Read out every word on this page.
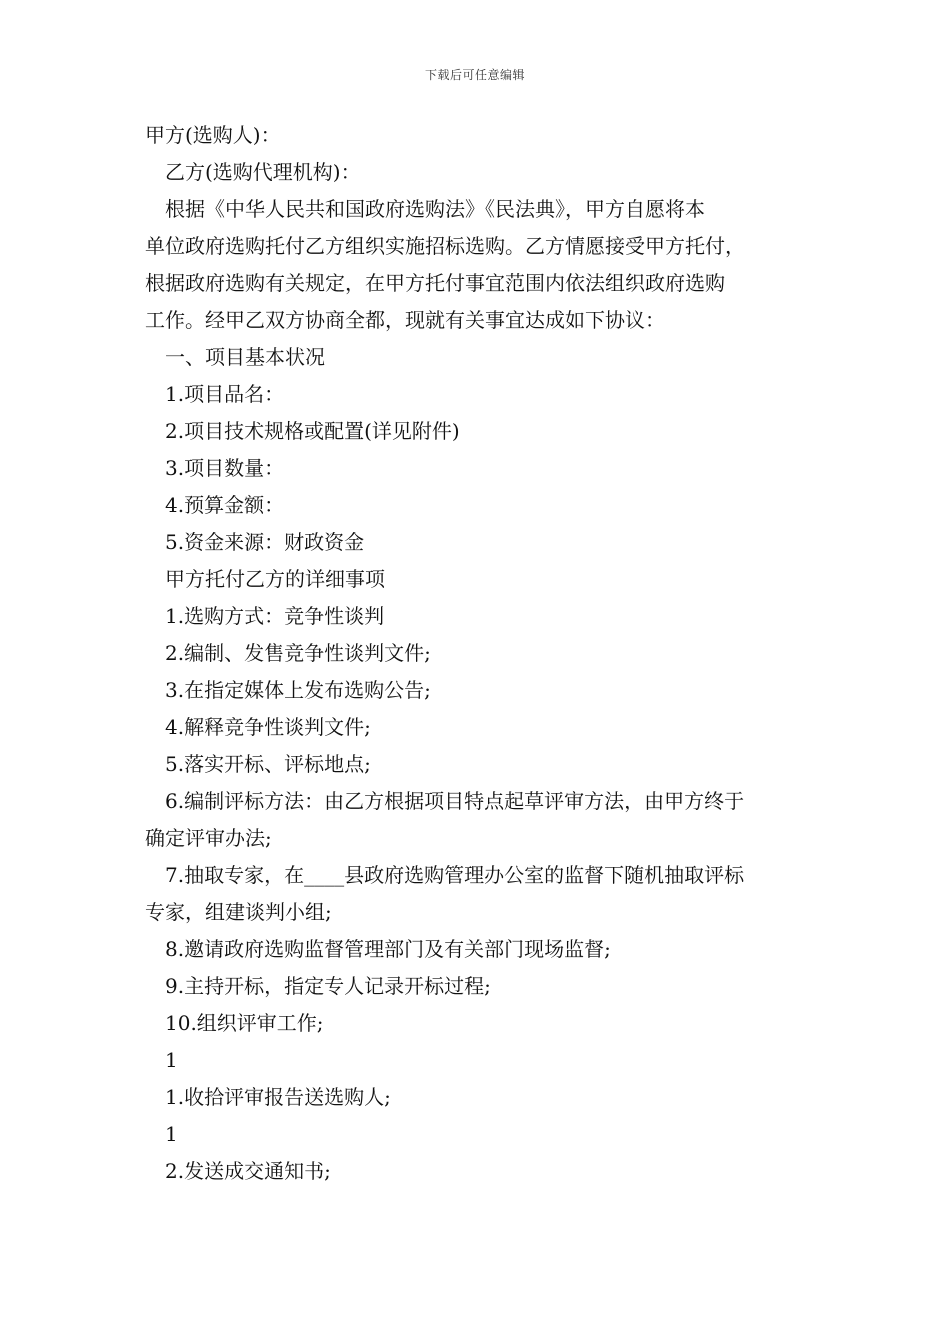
下载后可任意编辑
甲方(选购人)：
乙方(选购代理机构)：
根据《中华人民共和国政府选购法》《民法典》，甲方自愿将本
单位政府选购托付乙方组织实施招标选购。乙方情愿接受甲方托付，
根据政府选购有关规定，在甲方托付事宜范围内依法组织政府选购
工作。经甲乙双方协商全都，现就有关事宜达成如下协议：
一、项目基本状况
1.项目品名：
2.项目技术规格或配置(详见附件)
3.项目数量：
4.预算金额：
5.资金来源：财政资金
甲方托付乙方的详细事项
1.选购方式：竞争性谈判
2.编制、发售竞争性谈判文件;
3.在指定媒体上发布选购公告;
4.解释竞争性谈判文件;
5.落实开标、评标地点;
6.编制评标方法：由乙方根据项目特点起草评审方法，由甲方终于
确定评审办法;
7.抽取专家，在____县政府选购管理办公室的监督下随机抽取评标
专家，组建谈判小组;
8.邀请政府选购监督管理部门及有关部门现场监督;
9.主持开标，指定专人记录开标过程;
10.组织评审工作;
1
1.收拾评审报告送选购人;
1
2.发送成交通知书;
